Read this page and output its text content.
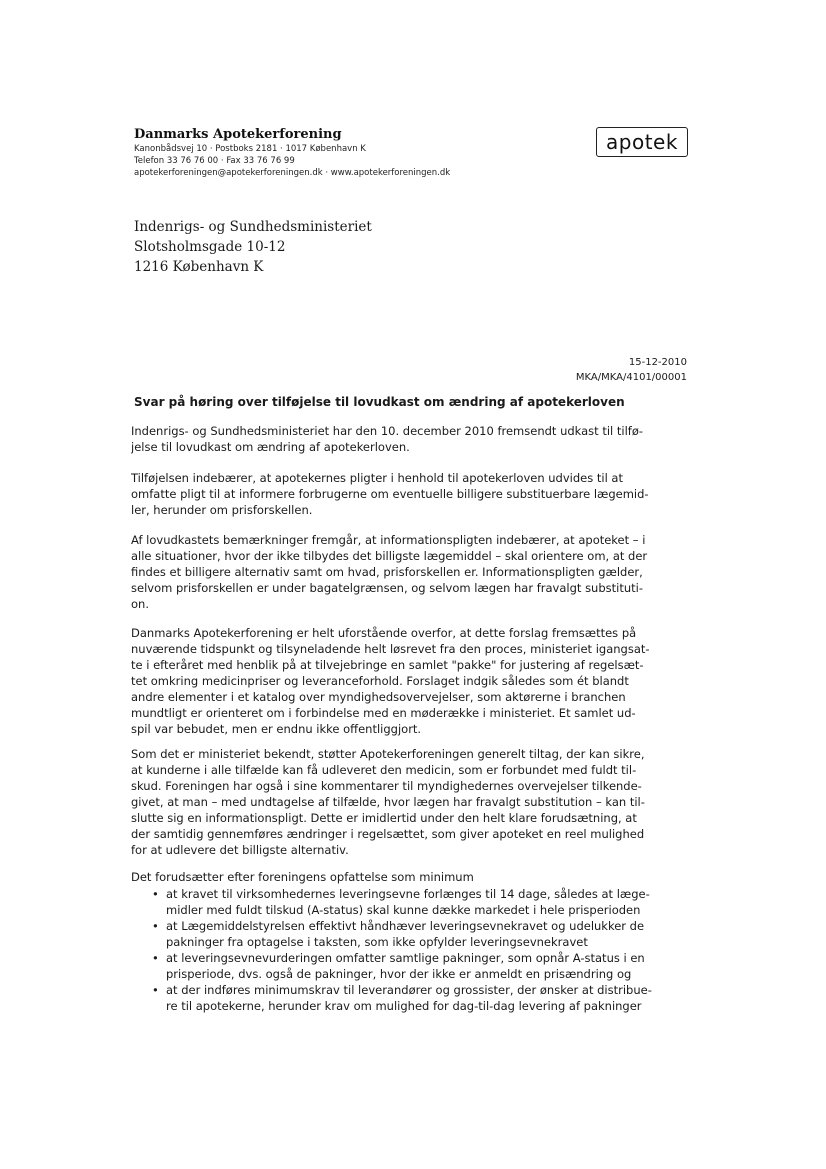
Danmarks Apotekerforening
Kanonbådsvej 10 · Postboks 2181 · 1017 København K
Telefon 33 76 76 00 · Fax 33 76 76 99
apotekerforeningen@apotekerforeningen.dk · www.apotekerforeningen.dk
apotek
Indenrigs- og Sundhedsministeriet
Slotsholmsgade 10-12
1216 København K
15-12-2010
MKA/MKA/4101/00001
Svar på høring over tilføjelse til lovudkast om ændring af apotekerloven
Indenrigs- og Sundhedsministeriet har den 10. december 2010 fremsendt udkast til tilfø-
jelse til lovudkast om ændring af apotekerloven.
Tilføjelsen indebærer, at apotekernes pligter i henhold til apotekerloven udvides til at
omfatte pligt til at informere forbrugerne om eventuelle billigere substituerbare lægemid-
ler, herunder om prisforskellen.
Af lovudkastets bemærkninger fremgår, at informationspligten indebærer, at apoteket – i
alle situationer, hvor der ikke tilbydes det billigste lægemiddel – skal orientere om, at der
findes et billigere alternativ samt om hvad, prisforskellen er. Informationspligten gælder,
selvom prisforskellen er under bagatelgrænsen, og selvom lægen har fravalgt substituti-
on.
Danmarks Apotekerforening er helt uforstående overfor, at dette forslag fremsættes på
nuværende tidspunkt og tilsyneladende helt løsrevet fra den proces, ministeriet igangsat-
te i efteråret med henblik på at tilvejebringe en samlet "pakke" for justering af regelsæt-
tet omkring medicinpriser og leveranceforhold. Forslaget indgik således som ét blandt
andre elementer i et katalog over myndighedsovervejelser, som aktørerne i branchen
mundtligt er orienteret om i forbindelse med en møderække i ministeriet. Et samlet ud-
spil var bebudet, men er endnu ikke offentliggjort.
Som det er ministeriet bekendt, støtter Apotekerforeningen generelt tiltag, der kan sikre,
at kunderne i alle tilfælde kan få udleveret den medicin, som er forbundet med fuldt til-
skud. Foreningen har også i sine kommentarer til myndighedernes overvejelser tilkende-
givet, at man – med undtagelse af tilfælde, hvor lægen har fravalgt substitution – kan til-
slutte sig en informationspligt. Dette er imidlertid under den helt klare forudsætning, at
der samtidig gennemføres ændringer i regelsættet, som giver apoteket en reel mulighed
for at udlevere det billigste alternativ.
Det forudsætter efter foreningens opfattelse som minimum
• at kravet til virksomhedernes leveringsevne forlænges til 14 dage, således at læge-
midler med fuldt tilskud (A-status) skal kunne dække markedet i hele prisperioden
• at Lægemiddelstyrelsen effektivt håndhæver leveringsevnekravet og udelukker de
pakninger fra optagelse i taksten, som ikke opfylder leveringsevnekravet
• at leveringsevnevurderingen omfatter samtlige pakninger, som opnår A-status i en
prisperiode, dvs. også de pakninger, hvor der ikke er anmeldt en prisændring og
• at der indføres minimumskrav til leverandører og grossister, der ønsker at distribue-
re til apotekerne, herunder krav om mulighed for dag-til-dag levering af pakninger
